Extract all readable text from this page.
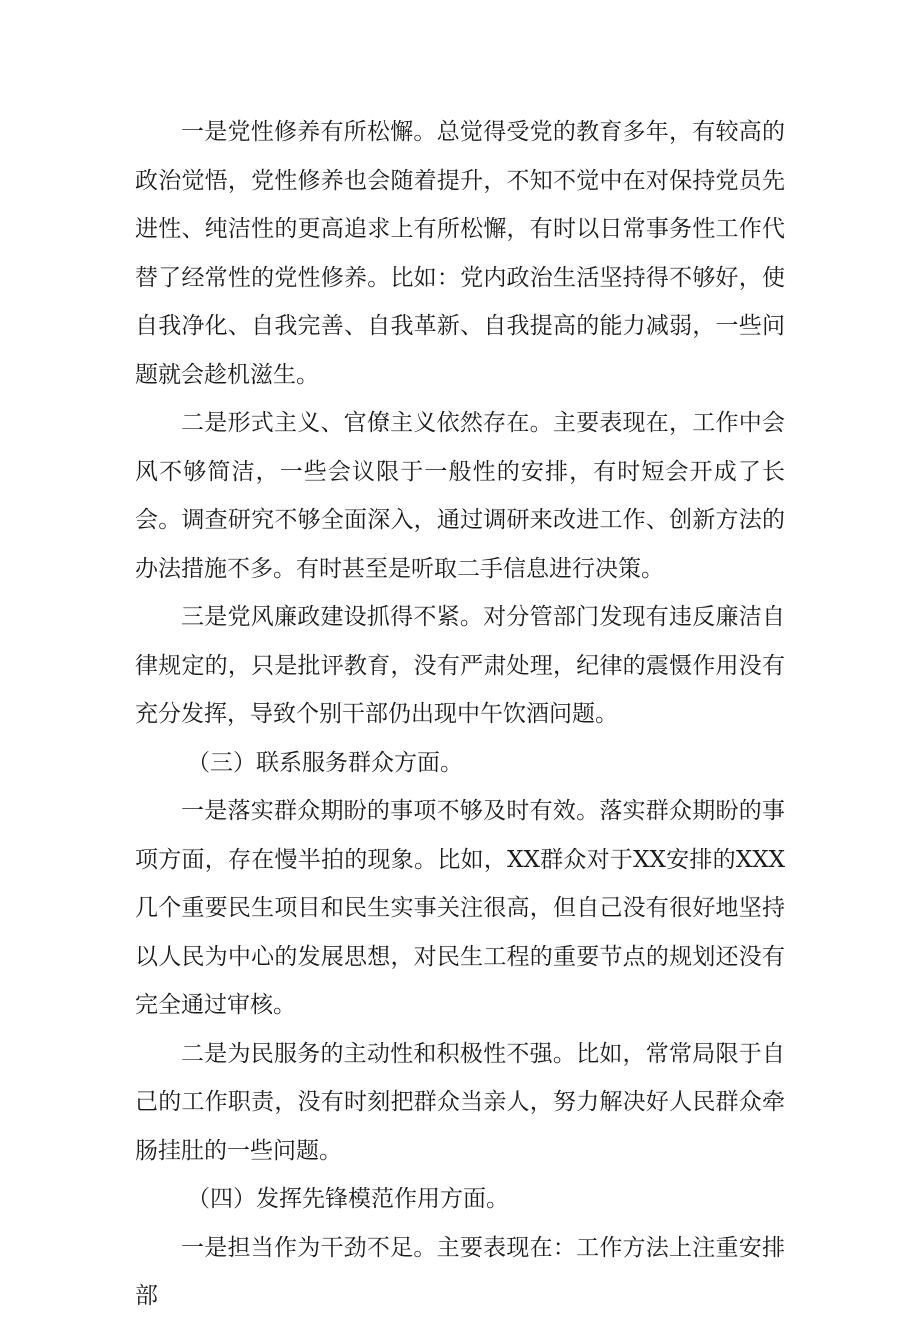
一是党性修养有所松懈。总觉得受党的教育多年，有较高的政治觉悟，党性修养也会随着提升，不知不觉中在对保持党员先进性、纯洁性的更高追求上有所松懈，有时以日常事务性工作代替了经常性的党性修养。比如：党内政治生活坚持得不够好，使自我净化、自我完善、自我革新、自我提高的能力减弱，一些问题就会趁机滋生。

二是形式主义、官僚主义依然存在。主要表现在，工作中会风不够简洁，一些会议限于一般性的安排，有时短会开成了长会。调查研究不够全面深入，通过调研来改进工作、创新方法的办法措施不多。有时甚至是听取二手信息进行决策。

三是党风廉政建设抓得不紧。对分管部门发现有违反廉洁自律规定的，只是批评教育，没有严肃处理，纪律的震慑作用没有充分发挥，导致个别干部仍出现中午饮酒问题。

（三）联系服务群众方面。

一是落实群众期盼的事项不够及时有效。落实群众期盼的事项方面，存在慢半拍的现象。比如，XX群众对于XX安排的XXX几个重要民生项目和民生实事关注很高，但自己没有很好地坚持以人民为中心的发展思想，对民生工程的重要节点的规划还没有完全通过审核。

二是为民服务的主动性和积极性不强。比如，常常局限于自己的工作职责，没有时刻把群众当亲人，努力解决好人民群众牵肠挂肚的一些问题。

（四）发挥先锋模范作用方面。

一是担当作为干劲不足。主要表现在：工作方法上注重安排部
